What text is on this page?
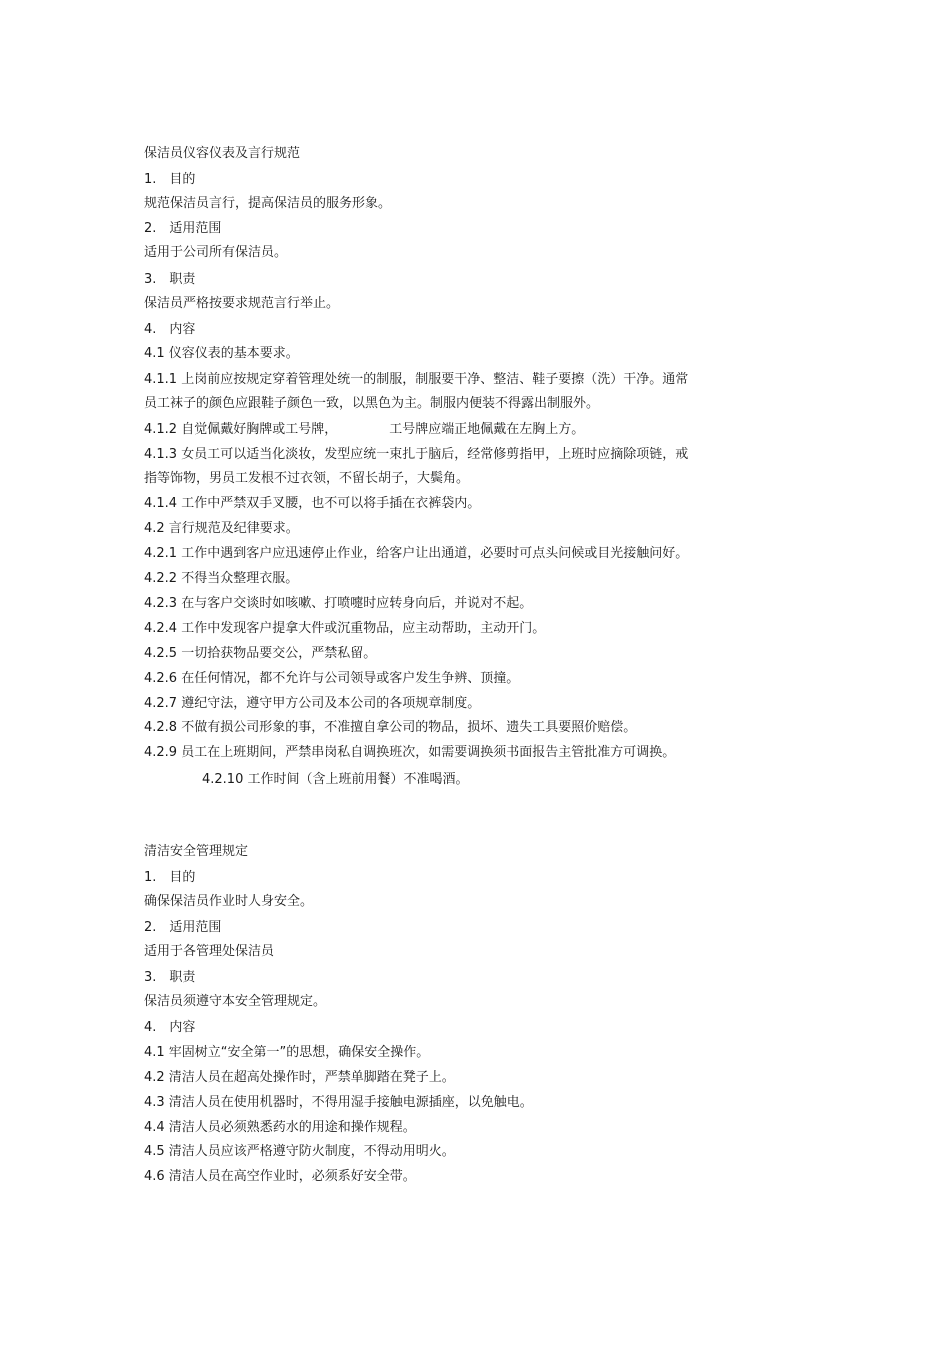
保洁员仪容仪表及言行规范
1.　目的
规范保洁员言行，提高保洁员的服务形象。
2.　适用范围
适用于公司所有保洁员。
3.　职责
保洁员严格按要求规范言行举止。
4.　内容
4.1 仪容仪表的基本要求。
4.1.1 上岗前应按规定穿着管理处统一的制服，制服要干净、整洁、鞋子要擦（洗）干净。通常
员工袜子的颜色应跟鞋子颜色一致，以黑色为主。制服内便装不得露出制服外。
4.1.2 自觉佩戴好胸牌或工号牌，	工号牌应端正地佩戴在左胸上方。
4.1.3 女员工可以适当化淡妆，发型应统一束扎于脑后，经常修剪指甲，上班时应摘除项链，戒
指等饰物，男员工发根不过衣领，不留长胡子，大鬓角。
4.1.4 工作中严禁双手叉腰，也不可以将手插在衣裤袋内。
4.2 言行规范及纪律要求。
4.2.1 工作中遇到客户应迅速停止作业，给客户让出通道，必要时可点头问候或目光接触问好。
4.2.2 不得当众整理衣服。
4.2.3 在与客户交谈时如咳嗽、打喷嚏时应转身向后，并说对不起。
4.2.4 工作中发现客户提拿大件或沉重物品，应主动帮助，主动开门。
4.2.5 一切拾获物品要交公，严禁私留。
4.2.6 在任何情况，都不允许与公司领导或客户发生争辨、顶撞。
4.2.7 遵纪守法，遵守甲方公司及本公司的各项规章制度。
4.2.8 不做有损公司形象的事，不准擅自拿公司的物品，损坏、遗失工具要照价赔偿。
4.2.9 员工在上班期间，严禁串岗私自调换班次，如需要调换须书面报告主管批准方可调换。
4.2.10 工作时间（含上班前用餐）不准喝酒。
清洁安全管理规定
1.　目的
确保保洁员作业时人身安全。
2.　适用范围
适用于各管理处保洁员
3.　职责
保洁员须遵守本安全管理规定。
4.　内容
4.1 牢固树立“安全第一”的思想，确保安全操作。
4.2 清洁人员在超高处操作时，严禁单脚踏在凳子上。
4.3 清洁人员在使用机器时，不得用湿手接触电源插座，以免触电。
4.4 清洁人员必须熟悉药水的用途和操作规程。
4.5 清洁人员应该严格遵守防火制度，不得动用明火。
4.6 清洁人员在高空作业时，必须系好安全带。
